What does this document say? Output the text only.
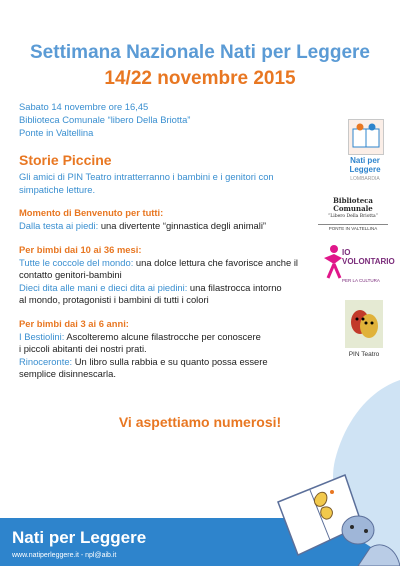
Settimana Nazionale Nati per Leggere
14/22 novembre 2015
Sabato 14 novembre ore 16,45
Biblioteca Comunale “libero Della Briotta”
Ponte in Valtellina
Storie Piccine
Gli amici di PIN Teatro intratterranno i bambini e i genitori con simpatiche letture.
Momento di Benvenuto per tutti:
Dalla testa ai piedi: una divertente “ginnastica degli animali”
Per bimbi dai 10 ai 36 mesi:
Tutte le coccole del mondo: una dolce lettura che favorisce anche il
contatto genitori-bambini
Dieci dita alle mani e dieci dita ai piedini: una filastrocca intorno
al mondo, protagonisti i bambini di tutti i colori
Per bimbi dai 3 ai 6 anni:
I Bestiolini: Ascolteremo alcune filastrocche per conoscere
i piccoli abitanti dei nostri prati.
Rinoceronte: Un libro sulla rabbia e su quanto possa essere
semplice disinnescarla.
Vi aspettiamo numerosi!
Nati per Leggere
LOMBARDIA
Biblioteca Comunale
“Libero Della Briotta”
PONTE IN VALTELLINA
IO VOLONTARIO
PER LA CULTURA
PIN Teatro
Nati per Leggere
www.natiperleggere.it - npl@aib.it
